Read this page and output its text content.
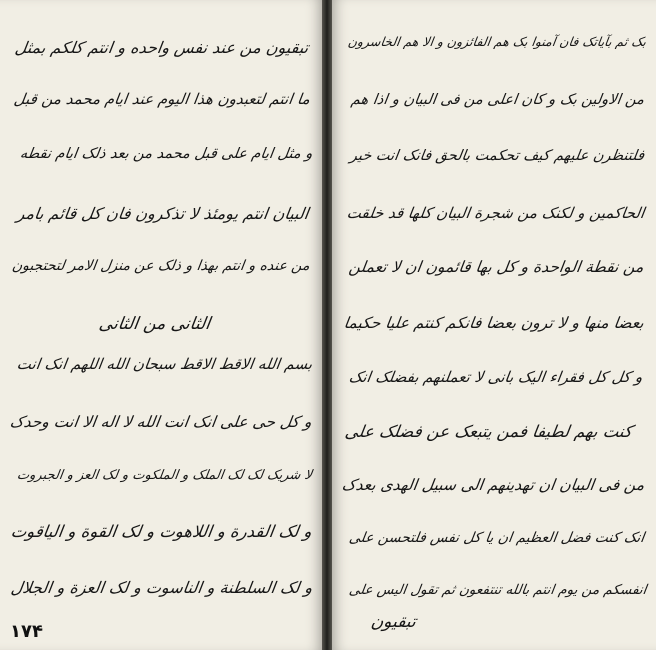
تبقیون من عند نفس واحده و انتم کلکم بمثل
ما انتم لتعبدون هذا الیوم عند ایام محمد من قبل
و مثل ایام علی قبل محمد من بعد ذلک ایام نقطه
البیان انتم یومئذ لا تذکرون فان کل قائم بامر
من عنده و انتم بهذا و ذلک عن منزل الامر لتحتجبون
الثانی من الثانی
بسم الله الاقط الاقط سبحان الله اللهم انک انت
و کل حی علی انک انت الله لا اله الا انت وحدک
لا شریک لک لک الملک و الملکوت و لک العز و الجبروت
و لک القدرة و اللاهوت و لک القوة و الیاقوت
و لک السلطنة و الناسوت و لک العزة و الجلال
۱۷۴
بک ثم بآیاتک فان آمنوا بک هم الفائزون و الا هم الخاسرون
من الاولین بک و کان اعلی من فی البیان و اذا هم
فلتنظرن علیهم کیف تحکمت بالحق فانک انت خیر
الحاکمین و لکنک من شجرة البیان کلها قد خلقت
من نقطة الواحدة و کل بها قائمون ان لا تعملن
بعضا منها و لا ترون بعضا فانکم کنتم علیا حکیما
و کل کل فقراء الیک بانی لا تعملنهم بفضلک انک
کنت بهم لطیفا فمن یتبعک عن فضلک علی
من فی البیان ان تهدینهم الی سبیل الهدی بعدک
انک کنت فضل العظیم ان یا کل نفس فلتحسن علی
انفسکم من یوم انتم بالله تنتفعون ثم تقول الیس علی
تبقیون
